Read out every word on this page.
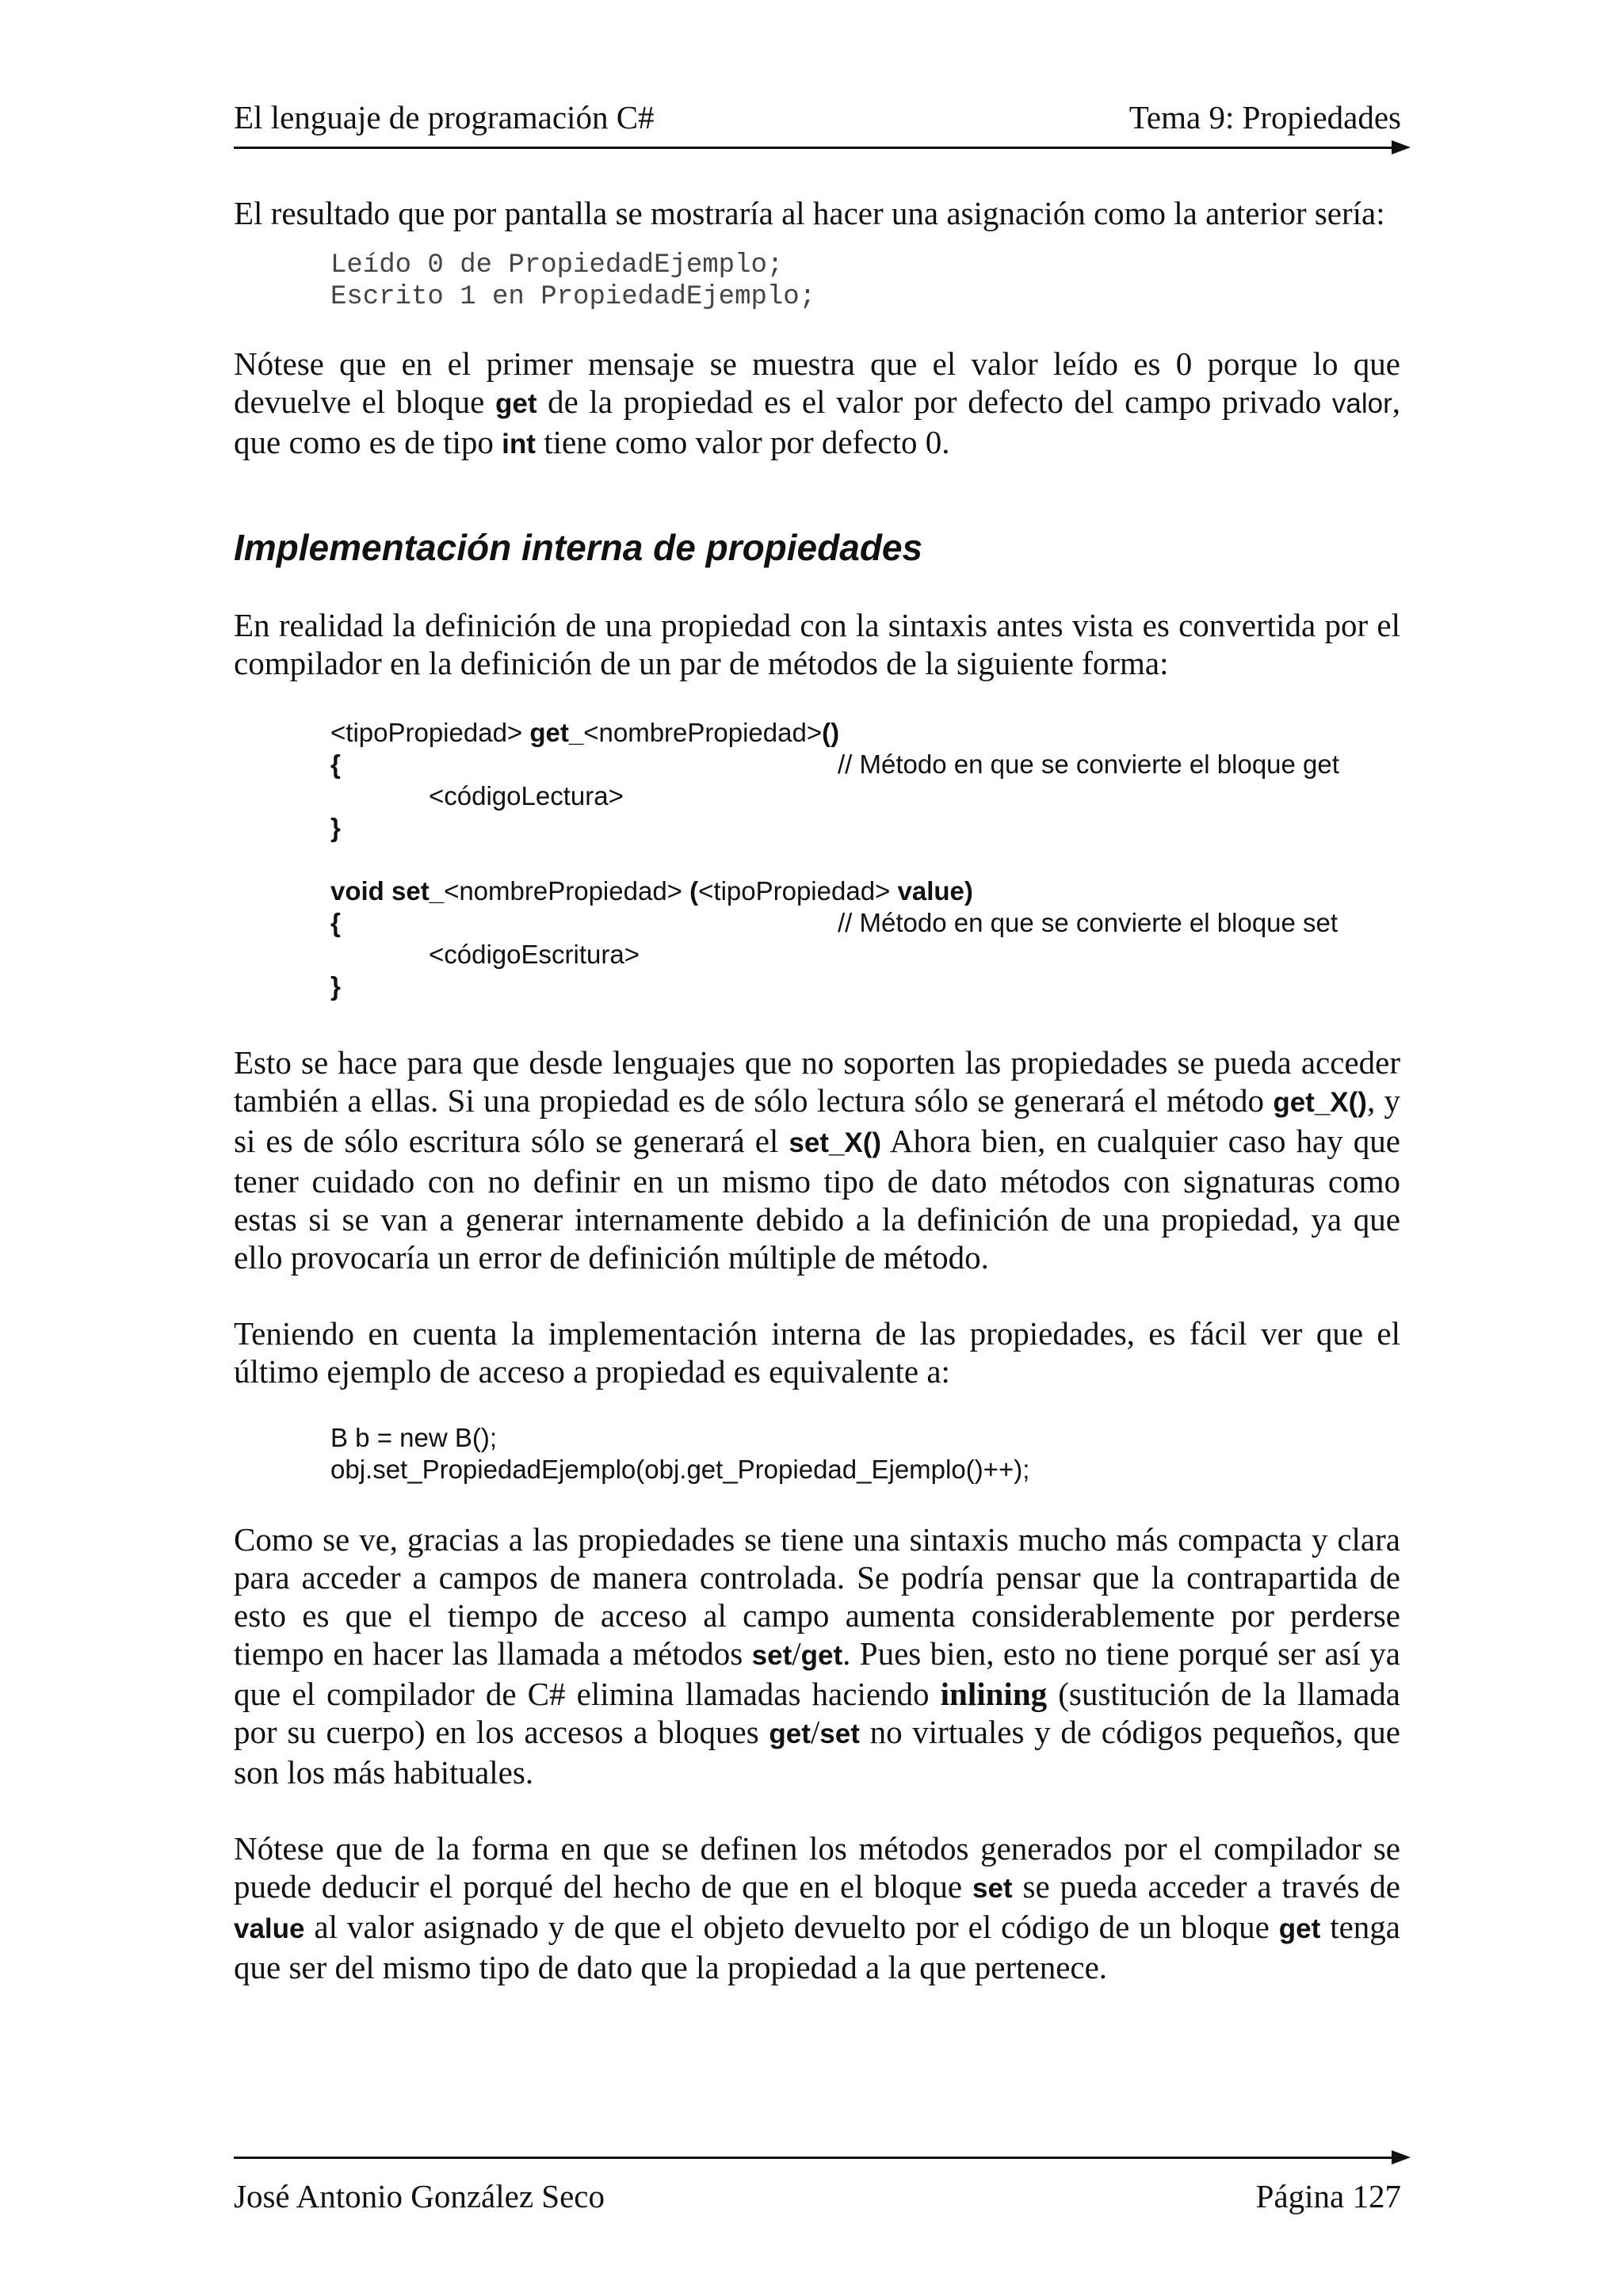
El lenguaje de programación C#	Tema 9: Propiedades

El resultado que por pantalla se mostraría al hacer una asignación como la anterior sería:

Leído 0 de PropiedadEjemplo;
Escrito 1 en PropiedadEjemplo;

Nótese que en el primer mensaje se muestra que el valor leído es 0 porque lo que devuelve el bloque get de la propiedad es el valor por defecto del campo privado valor, que como es de tipo int tiene como valor por defecto 0.

Implementación interna de propiedades

En realidad la definición de una propiedad con la sintaxis antes vista es convertida por el compilador en la definición de un par de métodos de la siguiente forma:

<tipoPropiedad> get_<nombrePropiedad>()
{	// Método en que se convierte el bloque get
<códigoLectura>
}
void set_<nombrePropiedad> (<tipoPropiedad> value)
{	// Método en que se convierte el bloque set
<códigoEscritura>
}

Esto se hace para que desde lenguajes que no soporten las propiedades se pueda acceder también a ellas. Si una propiedad es de sólo lectura sólo se generará el método get_X(), y si es de sólo escritura sólo se generará el set_X() Ahora bien, en cualquier caso hay que tener cuidado con no definir en un mismo tipo de dato métodos con signaturas como estas si se van a generar internamente debido a la definición de una propiedad, ya que ello provocaría un error de definición múltiple de método.

Teniendo en cuenta la implementación interna de las propiedades, es fácil ver que el último ejemplo de acceso a propiedad es equivalente a:

B b = new B();
obj.set_PropiedadEjemplo(obj.get_Propiedad_Ejemplo()++);

Como se ve, gracias a las propiedades se tiene una sintaxis mucho más compacta y clara para acceder a campos de manera controlada. Se podría pensar que la contrapartida de esto es que el tiempo de acceso al campo aumenta considerablemente por perderse tiempo en hacer las llamada a métodos set/get. Pues bien, esto no tiene porqué ser así ya que el compilador de C# elimina llamadas haciendo inlining (sustitución de la llamada por su cuerpo) en los accesos a bloques get/set no virtuales y de códigos pequeños, que son los más habituales.

Nótese que de la forma en que se definen los métodos generados por el compilador se puede deducir el porqué del hecho de que en el bloque set se pueda acceder a través de value al valor asignado y de que el objeto devuelto por el código de un bloque get tenga que ser del mismo tipo de dato que la propiedad a la que pertenece.

José Antonio González Seco	Página 127
